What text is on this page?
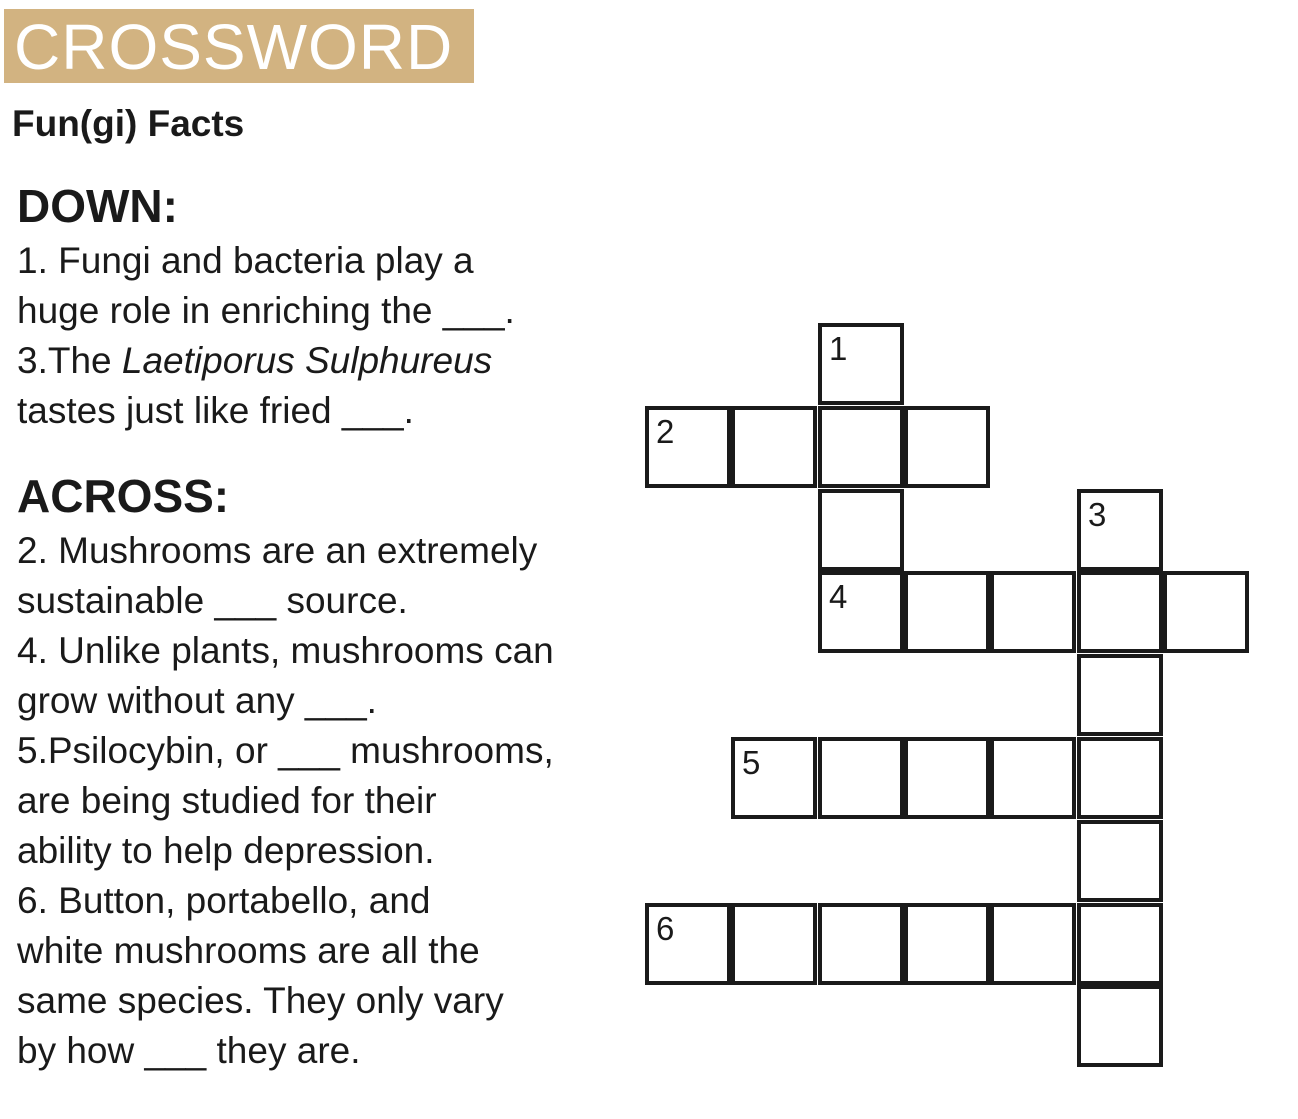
CROSSWORD
Fun(gi) Facts
DOWN:
1. Fungi and bacteria play a
huge role in enriching the ___.
3.The Laetiporus Sulphureus
tastes just like fried ___.
ACROSS:
2. Mushrooms are an extremely
sustainable ___ source.
4. Unlike plants, mushrooms can
grow without any ___.
5.Psilocybin, or ___ mushrooms,
are being studied for their
ability to help depression.
6. Button, portabello, and
white mushrooms are all the
same species. They only vary
by how ___ they are.
1
2
3
4
5
6
